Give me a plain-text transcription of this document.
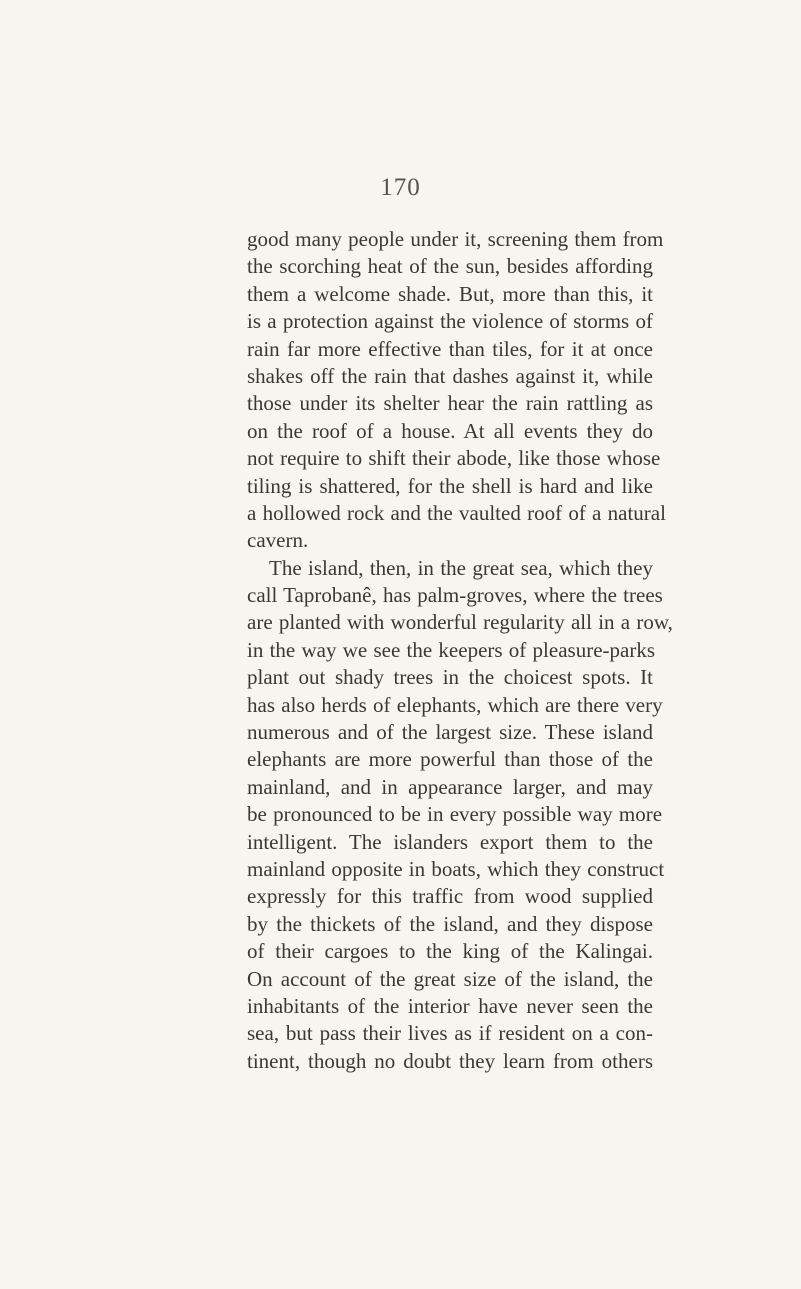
170
good many people under it, screening them from
the scorching heat of the sun, besides affording
them a welcome shade. But, more than this, it
is a protection against the violence of storms of
rain far more effective than tiles, for it at once
shakes off the rain that dashes against it, while
those under its shelter hear the rain rattling as
on the roof of a house. At all events they do
not require to shift their abode, like those whose
tiling is shattered, for the shell is hard and like
a hollowed rock and the vaulted roof of a natural
cavern.
The island, then, in the great sea, which they
call Taprobanê, has palm-groves, where the trees
are planted with wonderful regularity all in a row,
in the way we see the keepers of pleasure-parks
plant out shady trees in the choicest spots. It
has also herds of elephants, which are there very
numerous and of the largest size. These island
elephants are more powerful than those of the
mainland, and in appearance larger, and may
be pronounced to be in every possible way more
intelligent. The islanders export them to the
mainland opposite in boats, which they construct
expressly for this traffic from wood supplied
by the thickets of the island, and they dispose
of their cargoes to the king of the Kalingai.
On account of the great size of the island, the
inhabitants of the interior have never seen the
sea, but pass their lives as if resident on a con-
tinent, though no doubt they learn from others
